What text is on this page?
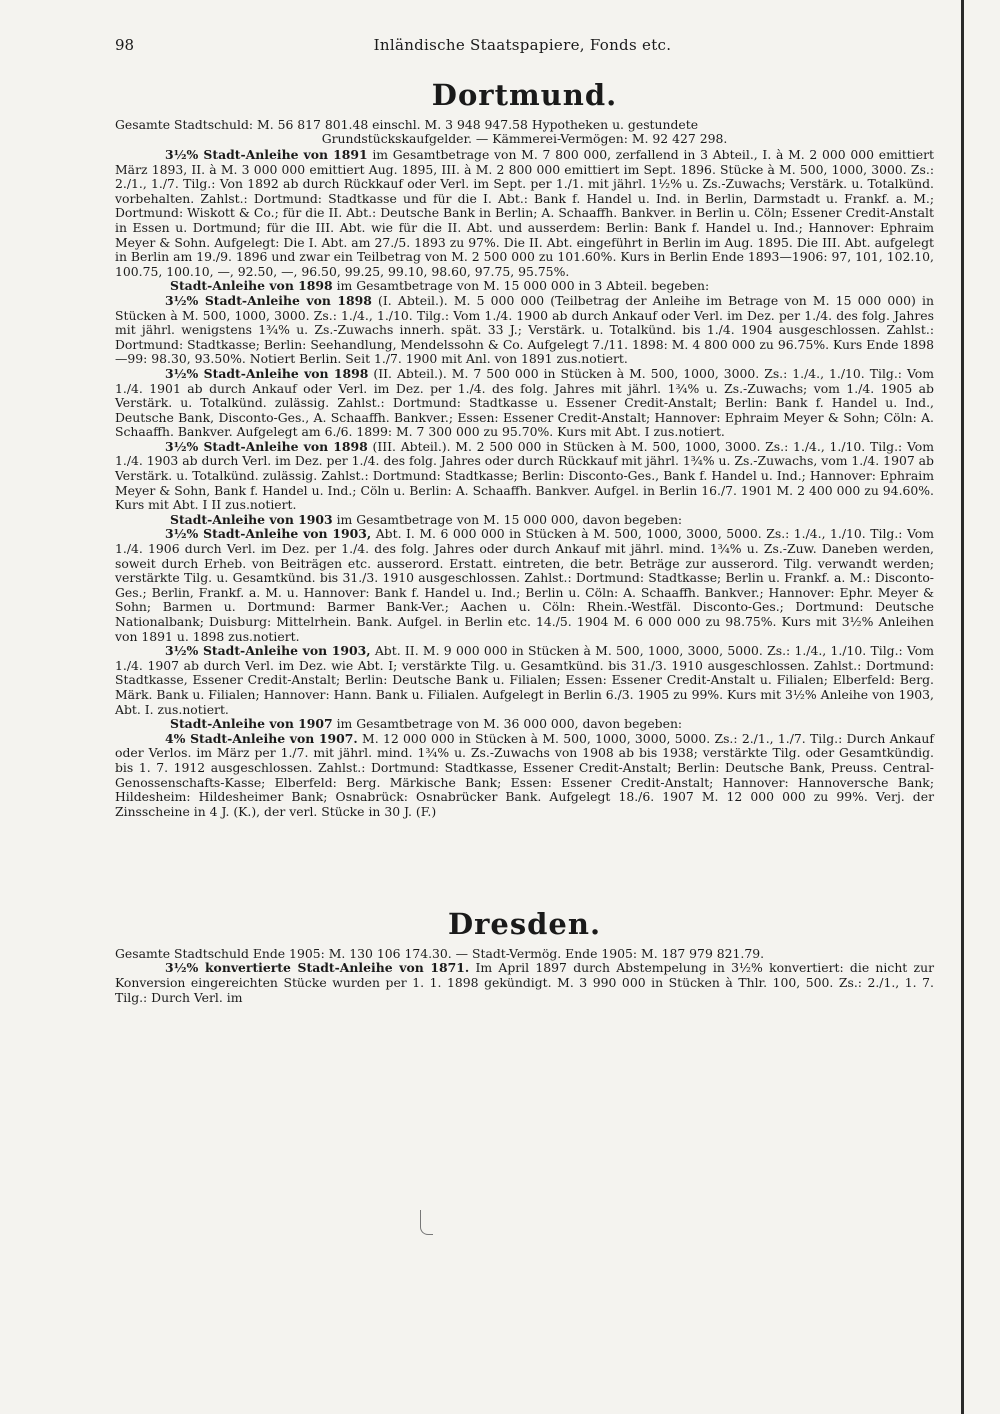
98	Inländische Staatspapiere, Fonds etc.
Dortmund.
Gesamte Stadtschuld: M. 56 817 801.48 einschl. M. 3 948 947.58 Hypotheken u. gestundete
Grundstückskaufgelder. — Kämmerei-Vermögen: M. 92 427 298.

3½% Stadt-Anleihe von 1891 im Gesamtbetrage von M. 7 800 000, zerfallend in 3 Abteil., I. à M. 2 000 000 emittiert März 1893, II. à M. 3 000 000 emittiert Aug. 1895, III. à M. 2 800 000 emittiert im Sept. 1896. Stücke à M. 500, 1000, 3000. Zs.: 2./1., 1./7. Tilg.: Von 1892 ab durch Rückkauf oder Verl. im Sept. per 1./1. mit jährl. 1½% u. Zs.-Zuwachs; Verstärk. u. Totalkünd. vorbehalten. Zahlst.: Dortmund: Stadtkasse und für die I. Abt.: Bank f. Handel u. Ind. in Berlin, Darmstadt u. Frankf. a. M.; Dortmund: Wiskott & Co.; für die II. Abt.: Deutsche Bank in Berlin; A. Schaaffh. Bankver. in Berlin u. Cöln; Essener Credit-Anstalt in Essen u. Dortmund; für die III. Abt. wie für die II. Abt. und ausserdem: Berlin: Bank f. Handel u. Ind.; Hannover: Ephraim Meyer & Sohn. Aufgelegt: Die I. Abt. am 27./5. 1893 zu 97%. Die II. Abt. eingeführt in Berlin im Aug. 1895. Die III. Abt. aufgelegt in Berlin am 19./9. 1896 und zwar ein Teilbetrag von M. 2 500 000 zu 101.60%. Kurs in Berlin Ende 1893—1906: 97, 101, 102.10, 100.75, 100.10, —, 92.50, —, 96.50, 99.25, 99.10, 98.60, 97.75, 95.75%.

Stadt-Anleihe von 1898 im Gesamtbetrage von M. 15 000 000 in 3 Abteil. begeben:

3½% Stadt-Anleihe von 1898 (I. Abteil.). M. 5 000 000 (Teilbetrag der Anleihe im Betrage von M. 15 000 000) in Stücken à M. 500, 1000, 3000. Zs.: 1./4., 1./10. Tilg.: Vom 1./4. 1900 ab durch Ankauf oder Verl. im Dez. per 1./4. des folg. Jahres mit jährl. wenigstens 1¾% u. Zs.-Zuwachs innerh. spät. 33 J.; Verstärk. u. Totalkünd. bis 1./4. 1904 ausgeschlossen. Zahlst.: Dortmund: Stadtkasse; Berlin: Seehandlung, Mendelssohn & Co. Aufgelegt 7./11. 1898: M. 4 800 000 zu 96.75%. Kurs Ende 1898—99: 98.30, 93.50%. Notiert Berlin. Seit 1./7. 1900 mit Anl. von 1891 zus.notiert.

3½% Stadt-Anleihe von 1898 (II. Abteil.). M. 7 500 000 in Stücken à M. 500, 1000, 3000. Zs.: 1./4., 1./10. Tilg.: Vom 1./4. 1901 ab durch Ankauf oder Verl. im Dez. per 1./4. des folg. Jahres mit jährl. 1¾% u. Zs.-Zuwachs; vom 1./4. 1905 ab Verstärk. u. Totalkünd. zulässig. Zahlst.: Dortmund: Stadtkasse u. Essener Credit-Anstalt; Berlin: Bank f. Handel u. Ind., Deutsche Bank, Disconto-Ges., A. Schaaffh. Bankver.; Essen: Essener Credit-Anstalt; Hannover: Ephraim Meyer & Sohn; Cöln: A. Schaaffh. Bankver. Aufgelegt am 6./6. 1899: M. 7 300 000 zu 95.70%. Kurs mit Abt. I zus.notiert.

3½% Stadt-Anleihe von 1898 (III. Abteil.). M. 2 500 000 in Stücken à M. 500, 1000, 3000. Zs.: 1./4., 1./10. Tilg.: Vom 1./4. 1903 ab durch Verl. im Dez. per 1./4. des folg. Jahres oder durch Rückkauf mit jährl. 1¾% u. Zs.-Zuwachs, vom 1./4. 1907 ab Verstärk. u. Totalkünd. zulässig. Zahlst.: Dortmund: Stadtkasse; Berlin: Disconto-Ges., Bank f. Handel u. Ind.; Hannover: Ephraim Meyer & Sohn, Bank f. Handel u. Ind.; Cöln u. Berlin: A. Schaaffh. Bankver. Aufgel. in Berlin 16./7. 1901 M. 2 400 000 zu 94.60%. Kurs mit Abt. I II zus.notiert.

Stadt-Anleihe von 1903 im Gesamtbetrage von M. 15 000 000, davon begeben:

3½% Stadt-Anleihe von 1903, Abt. I. M. 6 000 000 in Stücken à M. 500, 1000, 3000, 5000. Zs.: 1./4., 1./10. Tilg.: Vom 1./4. 1906 durch Verl. im Dez. per 1./4. des folg. Jahres oder durch Ankauf mit jährl. mind. 1¾% u. Zs.-Zuw. Daneben werden, soweit durch Erheb. von Beiträgen etc. ausserord. Erstatt. eintreten, die betr. Beträge zur ausserord. Tilg. verwandt werden; verstärkte Tilg. u. Gesamtkünd. bis 31./3. 1910 ausgeschlossen. Zahlst.: Dortmund: Stadtkasse; Berlin u. Frankf. a. M.: Disconto-Ges.; Berlin, Frankf. a. M. u. Hannover: Bank f. Handel u. Ind.; Berlin u. Cöln: A. Schaaffh. Bankver.; Hannover: Ephr. Meyer & Sohn; Barmen u. Dortmund: Barmer Bank-Ver.; Aachen u. Cöln: Rhein.-Westfäl. Disconto-Ges.; Dortmund: Deutsche Nationalbank; Duisburg: Mittelrhein. Bank. Aufgel. in Berlin etc. 14./5. 1904 M. 6 000 000 zu 98.75%. Kurs mit 3½% Anleihen von 1891 u. 1898 zus.notiert.

3½% Stadt-Anleihe von 1903, Abt. II. M. 9 000 000 in Stücken à M. 500, 1000, 3000, 5000. Zs.: 1./4., 1./10. Tilg.: Vom 1./4. 1907 ab durch Verl. im Dez. wie Abt. I; verstärkte Tilg. u. Gesamtkünd. bis 31./3. 1910 ausgeschlossen. Zahlst.: Dortmund: Stadtkasse, Essener Credit-Anstalt; Berlin: Deutsche Bank u. Filialen; Essen: Essener Credit-Anstalt u. Filialen; Elberfeld: Berg. Märk. Bank u. Filialen; Hannover: Hann. Bank u. Filialen. Aufgelegt in Berlin 6./3. 1905 zu 99%. Kurs mit 3½% Anleihe von 1903, Abt. I. zus.notiert.

Stadt-Anleihe von 1907 im Gesamtbetrage von M. 36 000 000, davon begeben:

4% Stadt-Anleihe von 1907. M. 12 000 000 in Stücken à M. 500, 1000, 3000, 5000. Zs.: 2./1., 1./7. Tilg.: Durch Ankauf oder Verlos. im März per 1./7. mit jährl. mind. 1¾% u. Zs.-Zuwachs von 1908 ab bis 1938; verstärkte Tilg. oder Gesamtkündig. bis 1. 7. 1912 ausgeschlossen. Zahlst.: Dortmund: Stadtkasse, Essener Credit-Anstalt; Berlin: Deutsche Bank, Preuss. Central-Genossenschafts-Kasse; Elberfeld: Berg. Märkische Bank; Essen: Essener Credit-Anstalt; Hannover: Hannoversche Bank; Hildesheim: Hildesheimer Bank; Osnabrück: Osnabrücker Bank. Aufgelegt 18./6. 1907 M. 12 000 000 zu 99%. Verj. der Zinsscheine in 4 J. (K.), der verl. Stücke in 30 J. (F.)

Dresden.
Gesamte Stadtschuld Ende 1905: M. 130 106 174.30. — Stadt-Vermög. Ende 1905: M. 187 979 821.79.

3½% konvertierte Stadt-Anleihe von 1871. Im April 1897 durch Abstempelung in 3½% konvertiert: die nicht zur Konversion eingereichten Stücke wurden per 1. 1. 1898 gekündigt. M. 3 990 000 in Stücken à Thlr. 100, 500. Zs.: 2./1., 1. 7. Tilg.: Durch Verl. im
